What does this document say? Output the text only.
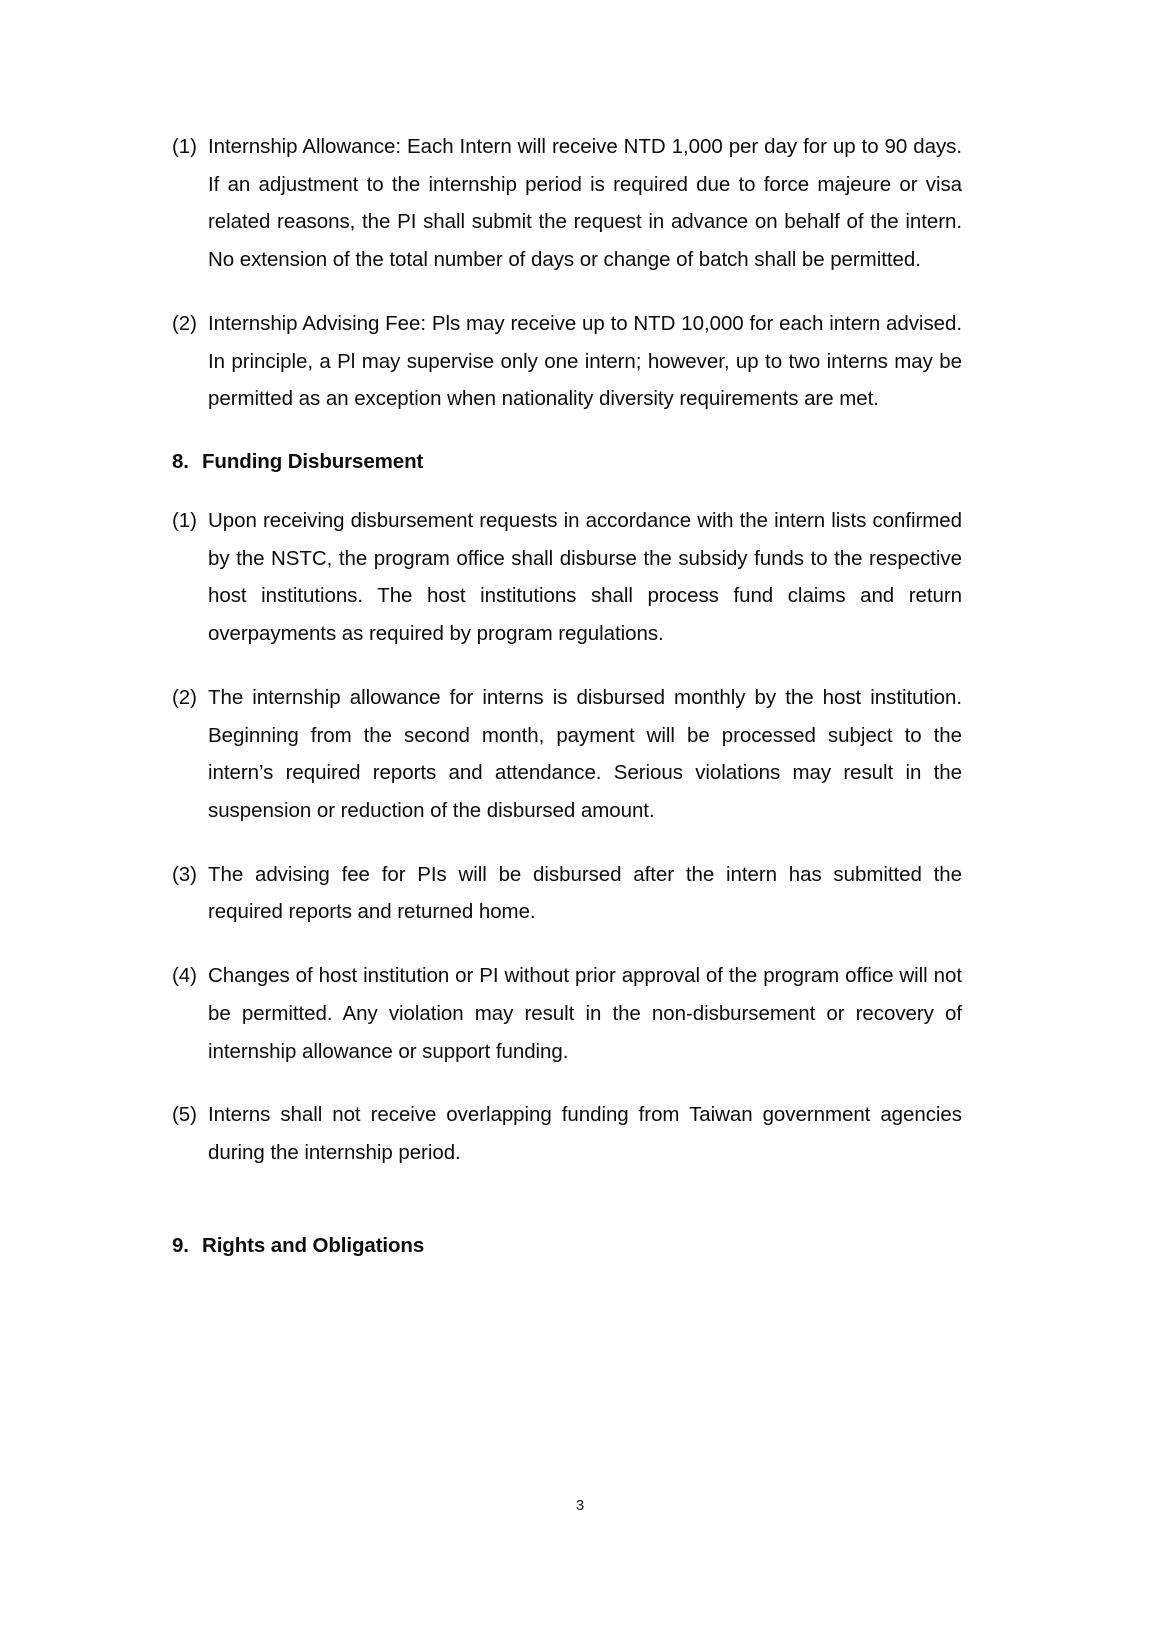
(1) Internship Allowance: Each Intern will receive NTD 1,000 per day for up to 90 days. If an adjustment to the internship period is required due to force majeure or visa related reasons, the PI shall submit the request in advance on behalf of the intern. No extension of the total number of days or change of batch shall be permitted.
(2) Internship Advising Fee: Pls may receive up to NTD 10,000 for each intern advised. In principle, a Pl may supervise only one intern; however, up to two interns may be permitted as an exception when nationality diversity requirements are met.
8. Funding Disbursement
(1) Upon receiving disbursement requests in accordance with the intern lists confirmed by the NSTC, the program office shall disburse the subsidy funds to the respective host institutions. The host institutions shall process fund claims and return overpayments as required by program regulations.
(2) The internship allowance for interns is disbursed monthly by the host institution. Beginning from the second month, payment will be processed subject to the intern’s required reports and attendance. Serious violations may result in the suspension or reduction of the disbursed amount.
(3) The advising fee for PIs will be disbursed after the intern has submitted the required reports and returned home.
(4) Changes of host institution or PI without prior approval of the program office will not be permitted. Any violation may result in the non-disbursement or recovery of internship allowance or support funding.
(5) Interns shall not receive overlapping funding from Taiwan government agencies during the internship period.
9. Rights and Obligations
3
